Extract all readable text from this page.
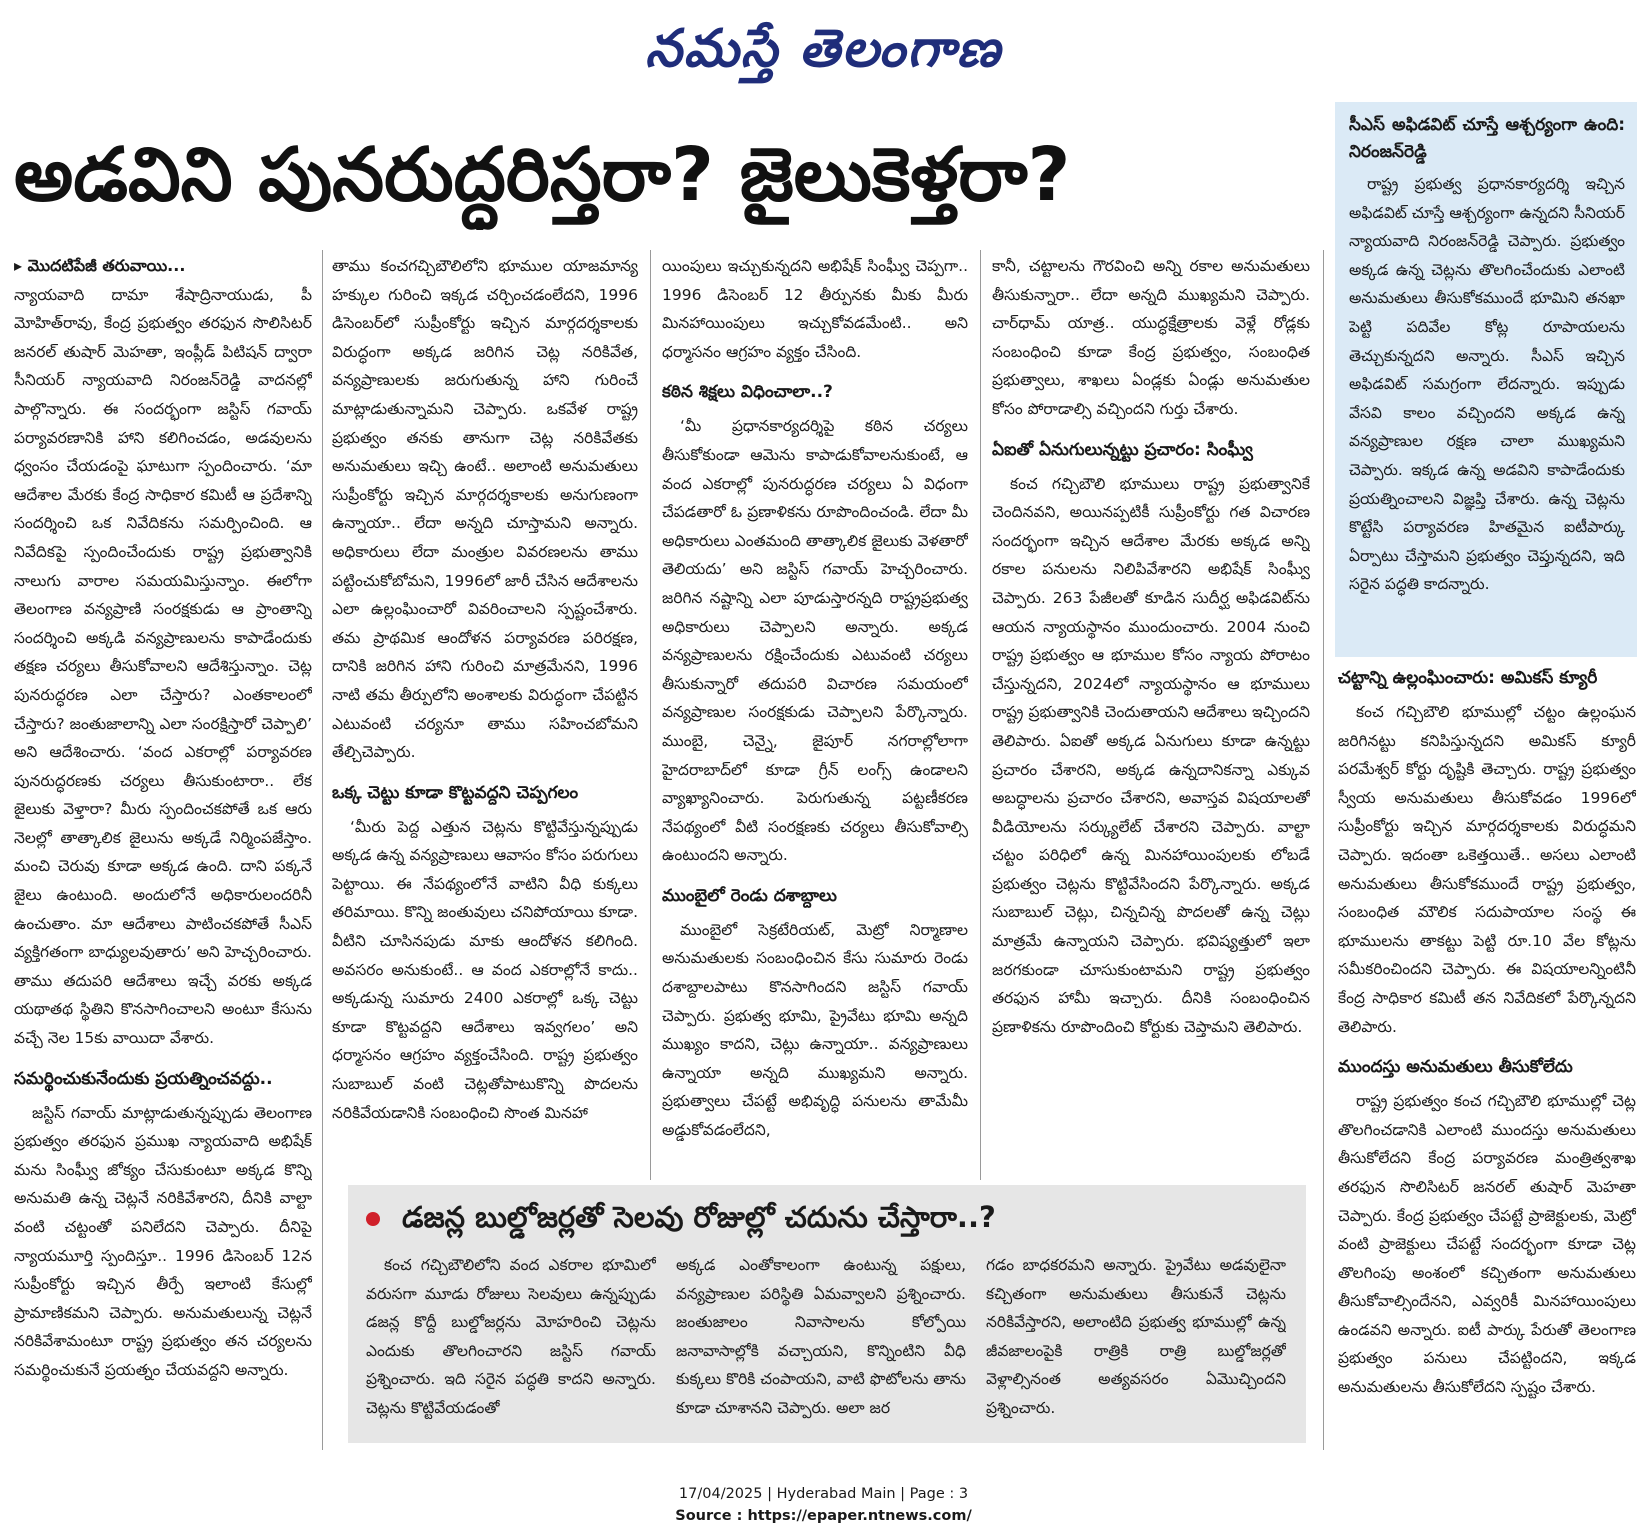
నమస్తే తెలంగాణ
అడవిని పునరుద్ధరిస్తరా? జైలుకెళ్తరా?

▸ మొదటిపేజీ తరువాయి...

న్యాయవాది దామా శేషాద్రినాయుడు, పీ మోహిత్‌రావు, కేంద్ర ప్రభుత్వం తరఫున సొలిసిటర్ జనరల్ తుషార్ మెహతా, ఇంప్లీడ్ పిటిషన్ ద్వారా సీనియర్ న్యాయవాది నిరంజన్‌రెడ్డి వాదనల్లో పాల్గొన్నారు. ఈ సందర్భంగా జస్టిస్ గవాయ్ పర్యావరణానికి హాని కలిగించడం, అడవులను ధ్వంసం చేయడంపై ఘాటుగా స్పందించారు. ‘మా ఆదేశాల మేరకు కేంద్ర సాధికార కమిటీ ఆ ప్రదేశాన్ని సందర్శించి ఒక నివేదికను సమర్పించింది. ఆ నివేదికపై స్పందించేందుకు రాష్ట్ర ప్రభుత్వానికి నాలుగు వారాల సమయమిస్తున్నాం. ఈలోగా తెలంగాణ వన్యప్రాణి సంరక్షకుడు ఆ ప్రాంతాన్ని సందర్శించి అక్కడి వన్యప్రాణులను కాపాడేందుకు తక్షణ చర్యలు తీసుకోవాలని ఆదేశిస్తున్నాం. చెట్ల పునరుద్ధరణ ఎలా చేస్తారు? ఎంతకాలంలో చేస్తారు? జంతుజాలాన్ని ఎలా సంరక్షిస్తారో చెప్పాలి’ అని ఆదేశించారు. ‘వంద ఎకరాల్లో పర్యావరణ పునరుద్ధరణకు చర్యలు తీసుకుంటారా.. లేక జైలుకు వెళ్తారా? మీరు స్పందించకపోతే ఒక ఆరు నెలల్లో తాత్కాలిక జైలును అక్కడే నిర్మింపజేస్తాం. మంచి చెరువు కూడా అక్కడ ఉంది. దాని పక్కనే జైలు ఉంటుంది. అందులోనే అధికారులందరినీ ఉంచుతాం. మా ఆదేశాలు పాటించకపోతే సీఎస్ వ్యక్తిగతంగా బాధ్యులవుతారు’ అని హెచ్చరించారు. తాము తదుపరి ఆదేశాలు ఇచ్చే వరకు అక్కడ యథాతథ స్థితిని కొనసాగించాలని అంటూ కేసును వచ్చే నెల 15కు వాయిదా వేశారు.

సమర్థించుకునేందుకు ప్రయత్నించవద్దు..

జస్టిస్ గవాయ్ మాట్లాడుతున్నప్పుడు తెలంగాణ ప్రభుత్వం తరఫున ప్రముఖ న్యాయవాది అభిషేక్ మను సింఘ్వీ జోక్యం చేసుకుంటూ అక్కడ కొన్ని అనుమతి ఉన్న చెట్లనే నరికివేశారని, దీనికి వాల్టా వంటి చట్టంతో పనిలేదని చెప్పారు. దీనిపై న్యాయమూర్తి స్పందిస్తూ.. 1996 డిసెంబర్ 12న సుప్రీంకోర్టు ఇచ్చిన తీర్పే ఇలాంటి కేసుల్లో ప్రామాణికమని చెప్పారు. అనుమతులున్న చెట్లనే నరికివేశామంటూ రాష్ట్ర ప్రభుత్వం తన చర్యలను సమర్థించుకునే ప్రయత్నం చేయవద్దని అన్నారు.

తాము కంచగచ్చిబౌలిలోని భూముల యాజమాన్య హక్కుల గురించి ఇక్కడ చర్చించడంలేదని, 1996 డిసెంబర్‌లో సుప్రీంకోర్టు ఇచ్చిన మార్గదర్శకాలకు విరుద్ధంగా అక్కడ జరిగిన చెట్ల నరికివేత, వన్యప్రాణులకు జరుగుతున్న హాని గురించే మాట్లాడుతున్నామని చెప్పారు. ఒకవేళ రాష్ట్ర ప్రభుత్వం తనకు తానుగా చెట్ల నరికివేతకు అనుమతులు ఇచ్చి ఉంటే.. అలాంటి అనుమతులు సుప్రీంకోర్టు ఇచ్చిన మార్గదర్శకాలకు అనుగుణంగా ఉన్నాయా.. లేదా అన్నది చూస్తామని అన్నారు. అధికారులు లేదా మంత్రుల వివరణలను తాము పట్టించుకోబోమని, 1996లో జారీ చేసిన ఆదేశాలను ఎలా ఉల్లంఘించారో వివరించాలని స్పష్టంచేశారు. తమ ప్రాథమిక ఆందోళన పర్యావరణ పరిరక్షణ, దానికి జరిగిన హాని గురించి మాత్రమేనని, 1996 నాటి తమ తీర్పులోని అంశాలకు విరుద్ధంగా చేపట్టిన ఎటువంటి చర్యనూ తాము సహించబోమని తేల్చిచెప్పారు.

ఒక్క చెట్టు కూడా కొట్టవద్దని చెప్పగలం

‘మీరు పెద్ద ఎత్తున చెట్లను కొట్టివేస్తున్నప్పుడు అక్కడ ఉన్న వన్యప్రాణులు ఆవాసం కోసం పరుగులు పెట్టాయి. ఈ నేపథ్యంలోనే వాటిని వీధి కుక్కలు తరిమాయి. కొన్ని జంతువులు చనిపోయాయి కూడా. వీటిని చూసినపుడు మాకు ఆందోళన కలిగింది. అవసరం అనుకుంటే.. ఆ వంద ఎకరాల్లోనే కాదు.. అక్కడున్న సుమారు 2400 ఎకరాల్లో ఒక్క చెట్టు కూడా కొట్టవద్దని ఆదేశాలు ఇవ్వగలం’ అని ధర్మాసనం ఆగ్రహం వ్యక్తంచేసింది. రాష్ట్ర ప్రభుత్వం సుబాబుల్ వంటి చెట్లతోపాటుకొన్ని పొదలను నరికివేయడానికి సంబంధించి సొంత మినహా

యింపులు ఇచ్చుకున్నదని అభిషేక్ సింఘ్వీ చెప్పగా.. 1996 డిసెంబర్ 12 తీర్పునకు మీకు మీరు మినహాయింపులు ఇచ్చుకోవడమేంటి.. అని ధర్మాసనం ఆగ్రహం వ్యక్తం చేసింది.

కఠిన శిక్షలు విధించాలా..?

‘మీ ప్రధానకార్యదర్శిపై కఠిన చర్యలు తీసుకోకుండా ఆమెను కాపాడుకోవాలనుకుంటే, ఆ వంద ఎకరాల్లో పునరుద్ధరణ చర్యలు ఏ విధంగా చేపడతారో ఓ ప్రణాళికను రూపొందించండి. లేదా మీ అధికారులు ఎంతమంది తాత్కాలిక జైలుకు వెళతారో తెలియదు’ అని జస్టిస్ గవాయ్ హెచ్చరించారు. జరిగిన నష్టాన్ని ఎలా పూడుస్తారన్నది రాష్ట్రప్రభుత్వ అధికారులు చెప్పాలని అన్నారు. అక్కడ వన్యప్రాణులను రక్షించేందుకు ఎటువంటి చర్యలు తీసుకున్నారో తదుపరి విచారణ సమయంలో వన్యప్రాణుల సంరక్షకుడు చెప్పాలని పేర్కొన్నారు. ముంబై, చెన్నై, జైపూర్ నగరాల్లోలాగా హైదరాబాద్‌లో కూడా గ్రీన్ లంగ్స్ ఉండాలని వ్యాఖ్యానించారు. పెరుగుతున్న పట్టణీకరణ నేపథ్యంలో వీటి సంరక్షణకు చర్యలు తీసుకోవాల్సి ఉంటుందని అన్నారు.

ముంబైలో రెండు దశాబ్దాలు

ముంబైలో సెక్రటేరియట్, మెట్రో నిర్మాణాల అనుమతులకు సంబంధించిన కేసు సుమారు రెండు దశాబ్దాలపాటు కొనసాగిందని జస్టిస్ గవాయ్ చెప్పారు. ప్రభుత్వ భూమి, ప్రైవేటు భూమి అన్నది ముఖ్యం కాదని, చెట్లు ఉన్నాయా.. వన్యప్రాణులు ఉన్నాయా అన్నది ముఖ్యమని అన్నారు. ప్రభుత్వాలు చేపట్టే అభివృద్ధి పనులను తామేమీ అడ్డుకోవడంలేదని,

కానీ, చట్టాలను గౌరవించి అన్ని రకాల అనుమతులు తీసుకున్నారా.. లేదా అన్నది ముఖ్యమని చెప్పారు. చార్‌ధామ్ యాత్ర.. యుద్ధక్షేత్రాలకు వెళ్లే రోడ్లకు సంబంధించి కూడా కేంద్ర ప్రభుత్వం, సంబంధిత ప్రభుత్వాలు, శాఖలు ఏండ్లకు ఏండ్లు అనుమతుల కోసం పోరాడాల్సి వచ్చిందని గుర్తు చేశారు.

ఏఐతో ఏనుగులున్నట్టు ప్రచారం: సింఘ్వీ

కంచ గచ్చిబౌలి భూములు రాష్ట్ర ప్రభుత్వానికే చెందినవని, అయినప్పటికీ సుప్రీంకోర్టు గత విచారణ సందర్భంగా ఇచ్చిన ఆదేశాల మేరకు అక్కడ అన్ని రకాల పనులను నిలిపివేశారని అభిషేక్ సింఘ్వీ చెప్పారు. 263 పేజీలతో కూడిన సుదీర్ఘ అఫిడవిట్‌ను ఆయన న్యాయస్థానం ముందుంచారు. 2004 నుంచి రాష్ట్ర ప్రభుత్వం ఆ భూముల కోసం న్యాయ పోరాటం చేస్తున్నదని, 2024లో న్యాయస్థానం ఆ భూములు రాష్ట్ర ప్రభుత్వానికి చెందుతాయని ఆదేశాలు ఇచ్చిందని తెలిపారు. ఏఐతో అక్కడ ఏనుగులు కూడా ఉన్నట్టు ప్రచారం చేశారని, అక్కడ ఉన్నదానికన్నా ఎక్కువ అబద్ధాలను ప్రచారం చేశారని, అవాస్తవ విషయాలతో వీడియోలను సర్క్యులేట్ చేశారని చెప్పారు. వాల్టా చట్టం పరిధిలో ఉన్న మినహాయింపులకు లోబడే ప్రభుత్వం చెట్లను కొట్టివేసిందని పేర్కొన్నారు. అక్కడ సుబాబుల్ చెట్లు, చిన్నచిన్న పొదలతో ఉన్న చెట్లు మాత్రమే ఉన్నాయని చెప్పారు. భవిష్యత్తులో ఇలా జరగకుండా చూసుకుంటామని రాష్ట్ర ప్రభుత్వం తరఫున హామీ ఇచ్చారు. దీనికి సంబంధించిన ప్రణాళికను రూపొందించి కోర్టుకు చెప్తామని తెలిపారు.

సీఎస్ అఫిడవిట్ చూస్తే ఆశ్చర్యంగా ఉంది: నిరంజన్‌రెడ్డి

రాష్ట్ర ప్రభుత్వ ప్రధానకార్యదర్శి ఇచ్చిన అఫిడవిట్ చూస్తే ఆశ్చర్యంగా ఉన్నదని సీనియర్ న్యాయవాది నిరంజన్‌రెడ్డి చెప్పారు. ప్రభుత్వం అక్కడ ఉన్న చెట్లను తొలగించేందుకు ఎలాంటి అనుమతులు తీసుకోకముందే భూమిని తనఖా పెట్టి పదివేల కోట్ల రూపాయలను తెచ్చుకున్నదని అన్నారు. సీఎస్ ఇచ్చిన అఫిడవిట్ సమగ్రంగా లేదన్నారు. ఇప్పుడు వేసవి కాలం వచ్చిందని అక్కడ ఉన్న వన్యప్రాణుల రక్షణ చాలా ముఖ్యమని చెప్పారు. ఇక్కడ ఉన్న అడవిని కాపాడేందుకు ప్రయత్నించాలని విజ్ఞప్తి చేశారు. ఉన్న చెట్లను కొట్టేసి పర్యావరణ హితమైన ఐటీపార్కు ఏర్పాటు చేస్తామని ప్రభుత్వం చెప్తున్నదని, ఇది సరైన పద్ధతి కాదన్నారు.

చట్టాన్ని ఉల్లంఘించారు: అమికస్ క్యూరీ

కంచ గచ్చిబౌలి భూముల్లో చట్టం ఉల్లంఘన జరిగినట్టు కనిపిస్తున్నదని అమికస్ క్యూరీ పరమేశ్వర్ కోర్టు దృష్టికి తెచ్చారు. రాష్ట్ర ప్రభుత్వం స్వీయ అనుమతులు తీసుకోవడం 1996లో సుప్రీంకోర్టు ఇచ్చిన మార్గదర్శకాలకు విరుద్ధమని చెప్పారు. ఇదంతా ఒకెత్తయితే.. అసలు ఎలాంటి అనుమతులు తీసుకోకముందే రాష్ట్ర ప్రభుత్వం, సంబంధిత మౌలిక సదుపాయాల సంస్థ ఈ భూములను తాకట్టు పెట్టి రూ.10 వేల కోట్లను సమీకరించిందని చెప్పారు. ఈ విషయాలన్నింటినీ కేంద్ర సాధికార కమిటీ తన నివేదికలో పేర్కొన్నదని తెలిపారు.

ముందస్తు అనుమతులు తీసుకోలేదు

రాష్ట్ర ప్రభుత్వం కంచ గచ్చిబౌలి భూముల్లో చెట్ల తొలగించడానికి ఎలాంటి ముందస్తు అనుమతులు తీసుకోలేదని కేంద్ర పర్యావరణ మంత్రిత్వశాఖ తరఫున సొలిసిటర్ జనరల్ తుషార్ మెహతా చెప్పారు. కేంద్ర ప్రభుత్వం చేపట్టే ప్రాజెక్టులకు, మెట్రో వంటి ప్రాజెక్టులు చేపట్టే సందర్భంగా కూడా చెట్ల తొలగింపు అంశంలో కచ్చితంగా అనుమతులు తీసుకోవాల్సిందేనని, ఎవ్వరికీ మినహాయింపులు ఉండవని అన్నారు. ఐటీ పార్కు పేరుతో తెలంగాణ ప్రభుత్వం పనులు చేపట్టిందని, ఇక్కడ అనుమతులను తీసుకోలేదని స్పష్టం చేశారు.

డజన్ల బుల్డోజర్లతో సెలవు రోజుల్లో చదును చేస్తారా..?

కంచ గచ్చిబౌలిలోని వంద ఎకరాల భూమిలో వరుసగా మూడు రోజులు సెలవులు ఉన్నప్పుడు డజన్ల కొద్దీ బుల్డోజర్లను మోహరించి చెట్లను ఎందుకు తొలగించారని జస్టిస్ గవాయ్ ప్రశ్నించారు. ఇది సరైన పద్ధతి కాదని అన్నారు. చెట్లను కొట్టివేయడంతో

అక్కడ ఎంతోకాలంగా ఉంటున్న పక్షులు, వన్యప్రాణుల పరిస్థితి ఏమవ్వాలని ప్రశ్నించారు. జంతుజాలం నివాసాలను కోల్పోయి జనావాసాల్లోకి వచ్చాయని, కొన్నింటిని వీధి కుక్కలు కొరికి చంపాయని, వాటి ఫొటోలను తాను కూడా చూశానని చెప్పారు. అలా జర

గడం బాధకరమని అన్నారు. ప్రైవేటు అడవులైనా కచ్చితంగా అనుమతులు తీసుకునే చెట్లను నరికివేస్తారని, అలాంటిది ప్రభుత్వ భూముల్లో ఉన్న జీవజాలంపైకి రాత్రికి రాత్రి బుల్డోజర్లతో వెళ్లాల్సినంత అత్యవసరం ఏమొచ్చిందని ప్రశ్నించారు.

17/04/2025 | Hyderabad Main | Page : 3
Source : https://epaper.ntnews.com/
